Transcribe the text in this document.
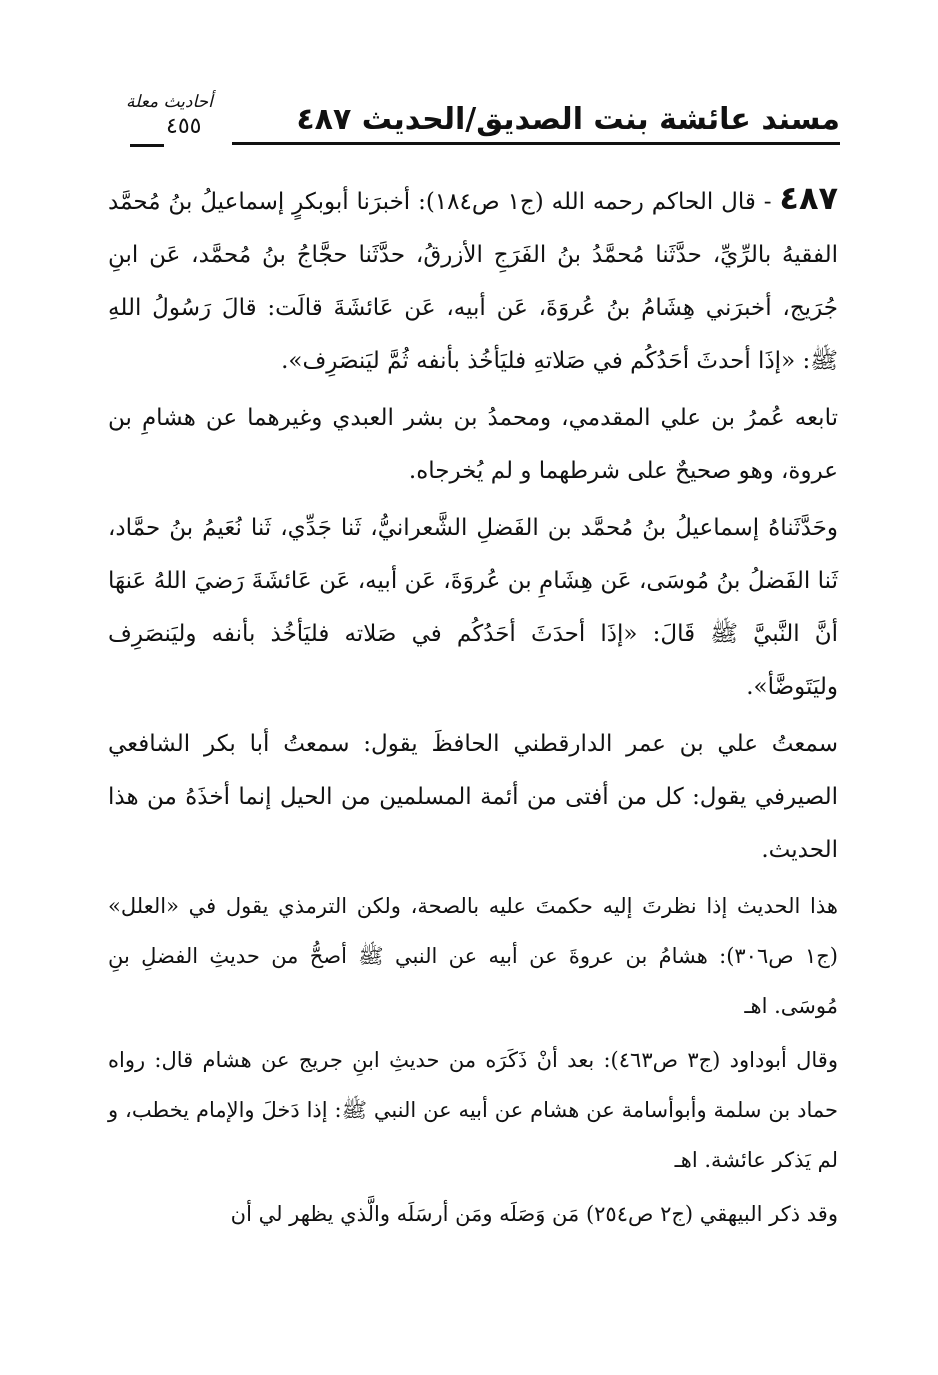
مسند عائشة بنت الصديق/الحديث ٤٨٧
أحاديث معلة
٤٥٥

٤٨٧ - قال الحاكم رحمه الله (ج١ ص١٨٤): أخبرَنا أبوبكرٍ إسماعيلُ بنُ مُحمَّد الفقيهُ بالرِّيِّ، حدَّثَنا مُحمَّدُ بنُ الفَرَجِ الأزرقُ، حدَّثَنا حجَّاجُ بنُ مُحمَّد، عَن ابنِ جُرَيج، أخبرَني هِشَامُ بنُ عُروَةَ، عَن أبيه، عَن عَائشَةَ قالَت: قالَ رَسُولُ اللهِ ﷺ: «إذَا أحدثَ أحَدُكُم في صَلاتهِ فليَأخُذ بأنفه ثُمَّ ليَنصَرِف».

تابعه عُمرُ بن علي المقدمي، ومحمدُ بن بشر العبدي وغيرهما عن هشامِ بن عروة، وهو صحيحٌ على شرطهما و لم يُخرجاه.

وحَدَّثَناهُ إسماعيلُ بنُ مُحمَّد بن الفَضلِ الشَّعرانيُّ، ثَنا جَدِّي، ثَنا نُعَيمُ بنُ حمَّاد، ثَنا الفَضلُ بنُ مُوسَى، عَن هِشَامِ بن عُروَةَ، عَن أبيه، عَن عَائشَةَ رَضيَ اللهُ عَنهَا أنَّ النَّبيَّ ﷺ قَالَ: «إذَا أحدَثَ أحَدُكُم في صَلاته فليَأخُذ بأنفه وليَنصَرِف وليَتَوضَّأ».

سمعتُ علي بن عمر الدارقطني الحافظَ يقول: سمعتُ أبا بكر الشافعي الصيرفي يقول: كل من أفتى من أئمة المسلمين من الحيل إنما أخذَهُ من هذا الحديث.

هذا الحديث إذا نظرتَ إليه حكمتَ عليه بالصحة، ولكن الترمذي يقول في «العلل» (ج١ ص٣٠٦): هشامُ بن عروةَ عن أبيه عن النبي ﷺ أصحُّ من حديثِ الفضلِ بنِ مُوسَى. اهـ

وقال أبوداود (ج٣ ص٤٦٣): بعد أنْ ذَكَرَه من حديثِ ابنِ جريج عن هشام قال: رواه حماد بن سلمة وأبوأسامة عن هشام عن أبيه عن النبي ﷺ: إذا دَخلَ والإمام يخطب، و لم يَذكر عائشة. اهـ

وقد ذكر البيهقي (ج٢ ص٢٥٤) مَن وَصَلَه ومَن أرسَلَه والَّذي يظهر لي أن
